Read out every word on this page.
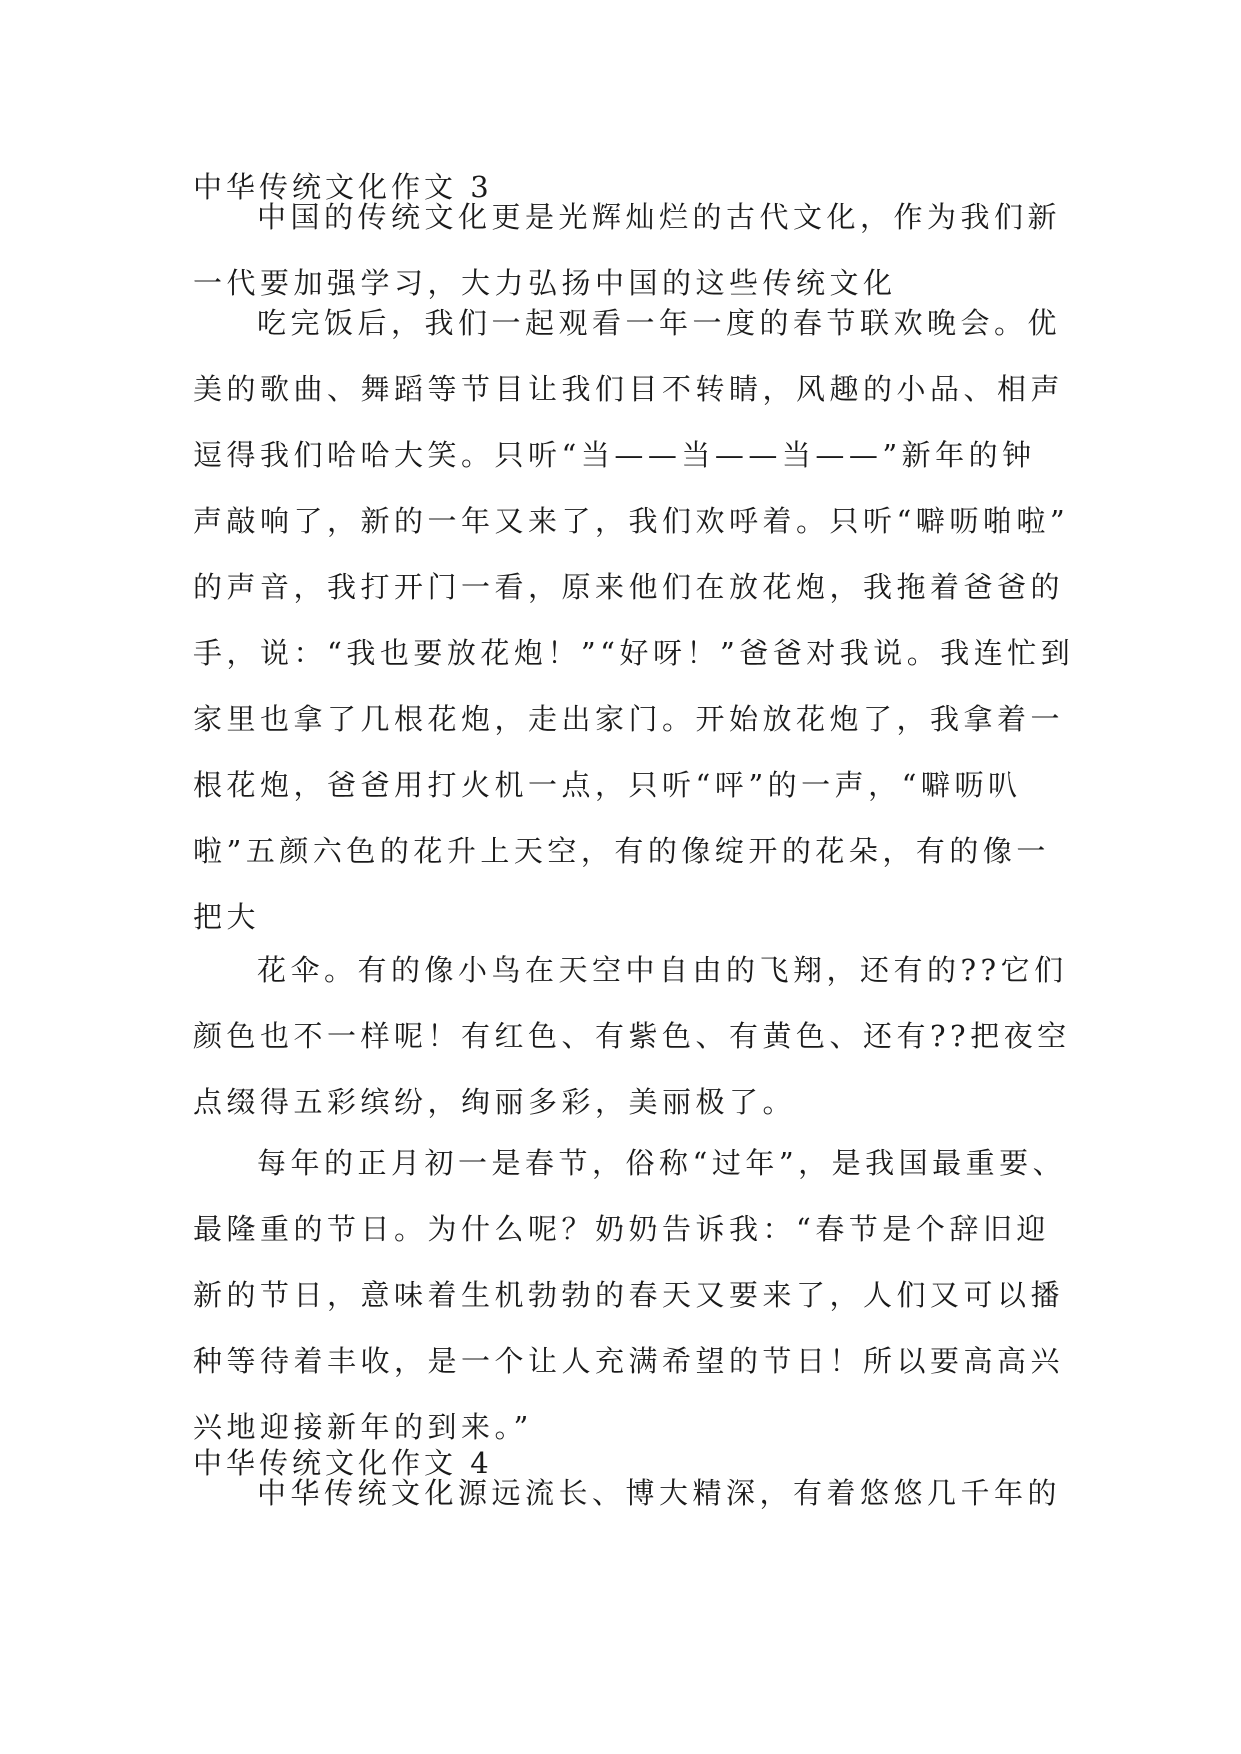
中华传统文化作文 3
中国的传统文化更是光辉灿烂的古代文化，作为我们新
一代要加强学习，大力弘扬中国的这些传统文化
吃完饭后，我们一起观看一年一度的春节联欢晚会。优
美的歌曲、舞蹈等节目让我们目不转睛，风趣的小品、相声
逗得我们哈哈大笑。只听“当——当——当——”新年的钟
声敲响了，新的一年又来了，我们欢呼着。只听“噼呖啪啦”
的声音，我打开门一看，原来他们在放花炮，我拖着爸爸的
手，说：“我也要放花炮！”“好呀！”爸爸对我说。我连忙到
家里也拿了几根花炮，走出家门。开始放花炮了，我拿着一
根花炮，爸爸用打火机一点，只听“呯”的一声，“噼呖叭
啦”五颜六色的花升上天空，有的像绽开的花朵，有的像一
把大
花伞。有的像小鸟在天空中自由的飞翔，还有的??它们
颜色也不一样呢！有红色、有紫色、有黄色、还有??把夜空
点缀得五彩缤纷，绚丽多彩，美丽极了。
每年的正月初一是春节，俗称“过年”，是我国最重要、
最隆重的节日。为什么呢？奶奶告诉我：“春节是个辞旧迎
新的节日，意味着生机勃勃的春天又要来了，人们又可以播
种等待着丰收，是一个让人充满希望的节日！所以要高高兴
兴地迎接新年的到来。”
中华传统文化作文 4
中华传统文化源远流长、博大精深，有着悠悠几千年的
